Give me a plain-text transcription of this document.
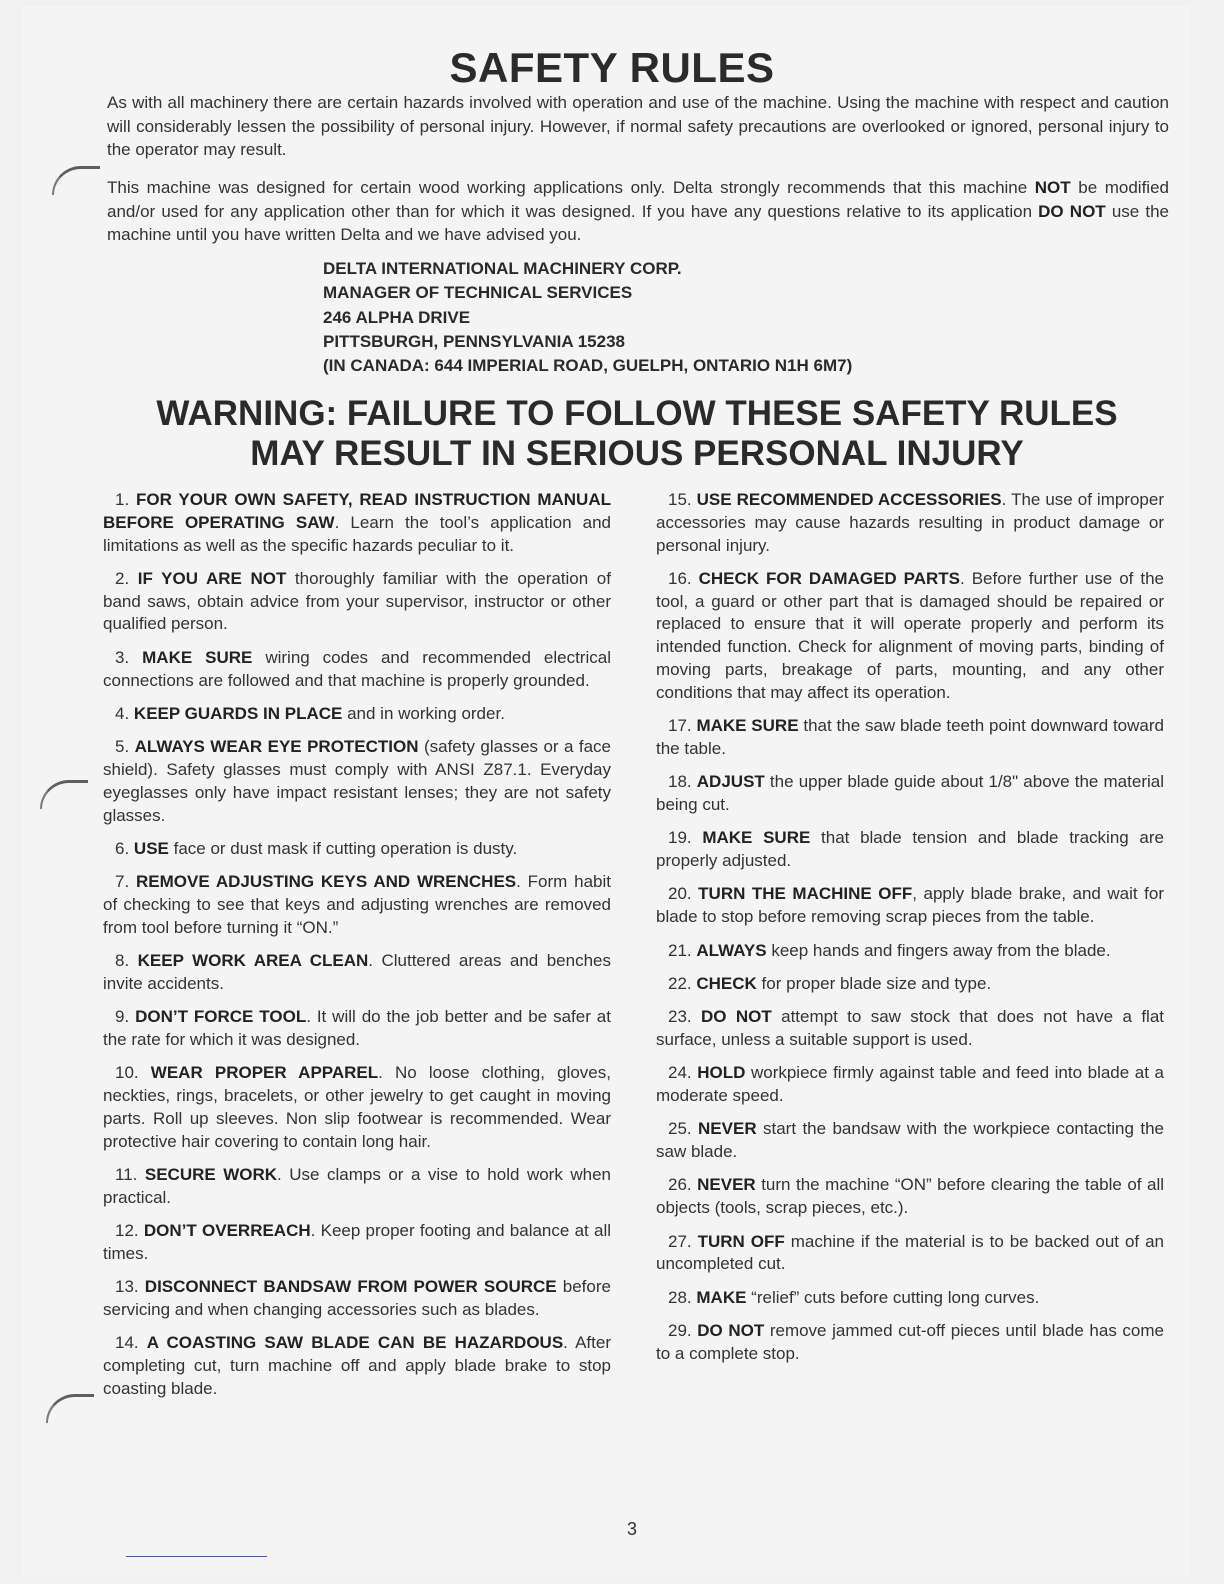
SAFETY RULES
As with all machinery there are certain hazards involved with operation and use of the machine. Using the machine with respect and caution will considerably lessen the possibility of personal injury. However, if normal safety precautions are overlooked or ignored, personal injury to the operator may result.
This machine was designed for certain wood working applications only. Delta strongly recommends that this machine NOT be modified and/or used for any application other than for which it was designed. If you have any questions relative to its application DO NOT use the machine until you have written Delta and we have advised you.
DELTA INTERNATIONAL MACHINERY CORP.
MANAGER OF TECHNICAL SERVICES
246 ALPHA DRIVE
PITTSBURGH, PENNSYLVANIA 15238
(IN CANADA: 644 IMPERIAL ROAD, GUELPH, ONTARIO N1H 6M7)
WARNING: FAILURE TO FOLLOW THESE SAFETY RULES
MAY RESULT IN SERIOUS PERSONAL INJURY
1. FOR YOUR OWN SAFETY, READ INSTRUCTION MANUAL BEFORE OPERATING SAW. Learn the tool’s application and limitations as well as the specific hazards peculiar to it.
2. IF YOU ARE NOT thoroughly familiar with the operation of band saws, obtain advice from your supervisor, instructor or other qualified person.
3. MAKE SURE wiring codes and recommended electrical connections are followed and that machine is properly grounded.
4. KEEP GUARDS IN PLACE and in working order.
5. ALWAYS WEAR EYE PROTECTION (safety glasses or a face shield). Safety glasses must comply with ANSI Z87.1. Everyday eyeglasses only have impact resistant lenses; they are not safety glasses.
6. USE face or dust mask if cutting operation is dusty.
7. REMOVE ADJUSTING KEYS AND WRENCHES. Form habit of checking to see that keys and adjusting wrenches are removed from tool before turning it “ON.”
8. KEEP WORK AREA CLEAN. Cluttered areas and benches invite accidents.
9. DON’T FORCE TOOL. It will do the job better and be safer at the rate for which it was designed.
10. WEAR PROPER APPAREL. No loose clothing, gloves, neckties, rings, bracelets, or other jewelry to get caught in moving parts. Roll up sleeves. Non slip footwear is recommended. Wear protective hair covering to contain long hair.
11. SECURE WORK. Use clamps or a vise to hold work when practical.
12. DON’T OVERREACH. Keep proper footing and balance at all times.
13. DISCONNECT BANDSAW FROM POWER SOURCE before servicing and when changing accessories such as blades.
14. A COASTING SAW BLADE CAN BE HAZARDOUS. After completing cut, turn machine off and apply blade brake to stop coasting blade.
15. USE RECOMMENDED ACCESSORIES. The use of improper accessories may cause hazards resulting in product damage or personal injury.
16. CHECK FOR DAMAGED PARTS. Before further use of the tool, a guard or other part that is damaged should be repaired or replaced to ensure that it will operate properly and perform its intended function. Check for alignment of moving parts, binding of moving parts, breakage of parts, mounting, and any other conditions that may affect its operation.
17. MAKE SURE that the saw blade teeth point downward toward the table.
18. ADJUST the upper blade guide about 1/8" above the material being cut.
19. MAKE SURE that blade tension and blade tracking are properly adjusted.
20. TURN THE MACHINE OFF, apply blade brake, and wait for blade to stop before removing scrap pieces from the table.
21. ALWAYS keep hands and fingers away from the blade.
22. CHECK for proper blade size and type.
23. DO NOT attempt to saw stock that does not have a flat surface, unless a suitable support is used.
24. HOLD workpiece firmly against table and feed into blade at a moderate speed.
25. NEVER start the bandsaw with the workpiece contacting the saw blade.
26. NEVER turn the machine “ON” before clearing the table of all objects (tools, scrap pieces, etc.).
27. TURN OFF machine if the material is to be backed out of an uncompleted cut.
28. MAKE “relief” cuts before cutting long curves.
29. DO NOT remove jammed cut-off pieces until blade has come to a complete stop.
3
